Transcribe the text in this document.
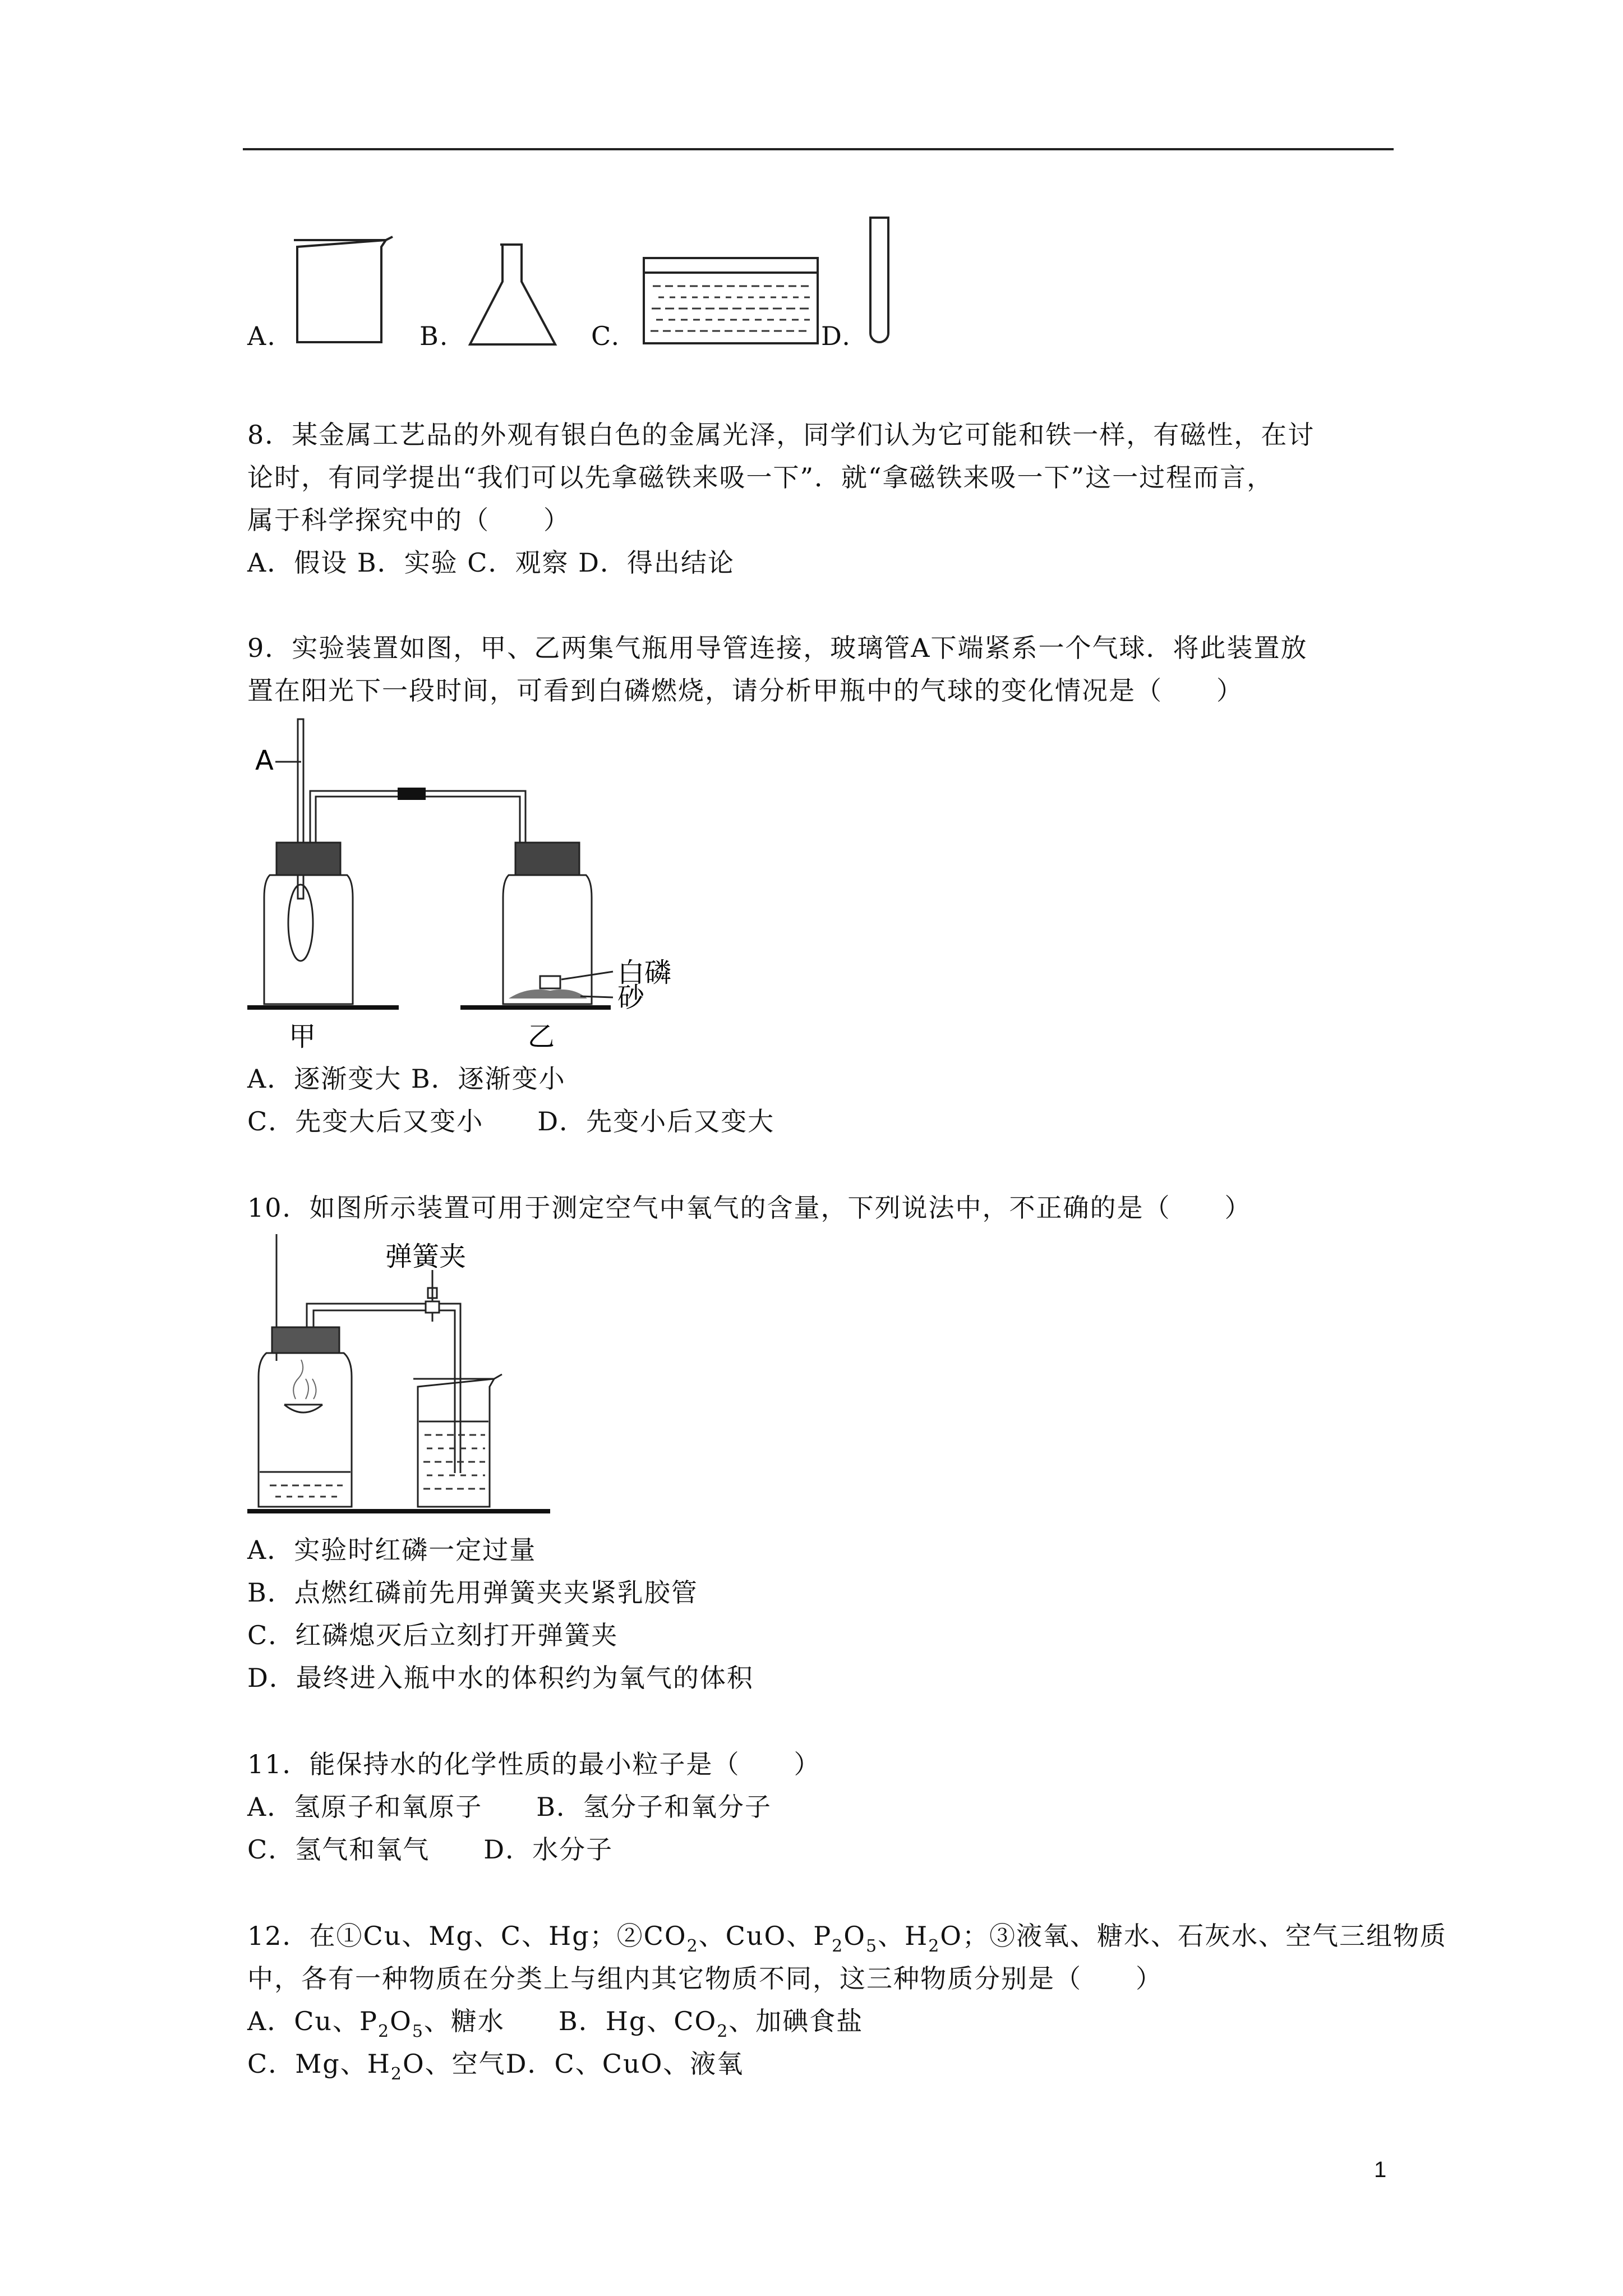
A.	B.	C.	D.
8．某金属工艺品的外观有银白色的金属光泽，同学们认为它可能和铁一样，有磁性，在讨
论时，有同学提出“我们可以先拿磁铁来吸一下”．就“拿磁铁来吸一下”这一过程而言，
属于科学探究中的（　　）
A．假设 B．实验 C．观察 D．得出结论
9．实验装置如图，甲、乙两集气瓶用导管连接，玻璃管A下端紧系一个气球．将此装置放
置在阳光下一段时间，可看到白磷燃烧，请分析甲瓶中的气球的变化情况是（　　）
A
白磷
砂
甲	乙
A．逐渐变大 B．逐渐变小
C．先变大后又变小　　D．先变小后又变大
10．如图所示装置可用于测定空气中氧气的含量，下列说法中，不正确的是（　　）
弹簧夹
A．实验时红磷一定过量
B．点燃红磷前先用弹簧夹夹紧乳胶管
C．红磷熄灭后立刻打开弹簧夹
D．最终进入瓶中水的体积约为氧气的体积
11．能保持水的化学性质的最小粒子是（　　）
A．氢原子和氧原子　　B．氢分子和氧分子
C．氢气和氧气　　D．水分子
12．在①Cu、Mg、C、Hg；$②CO_2$、CuO、$P_2O_5$、$H_2O$；③液氧、糖水、石灰水、空气三组物质
中，各有一种物质在分类上与组内其它物质不同，这三种物质分别是（　　）
A．Cu、$P_2O_5$、糖水　　B．Hg、$CO_2$、加碘食盐
C．Mg、$H_2O$、空气D．C、CuO、液氧
1
